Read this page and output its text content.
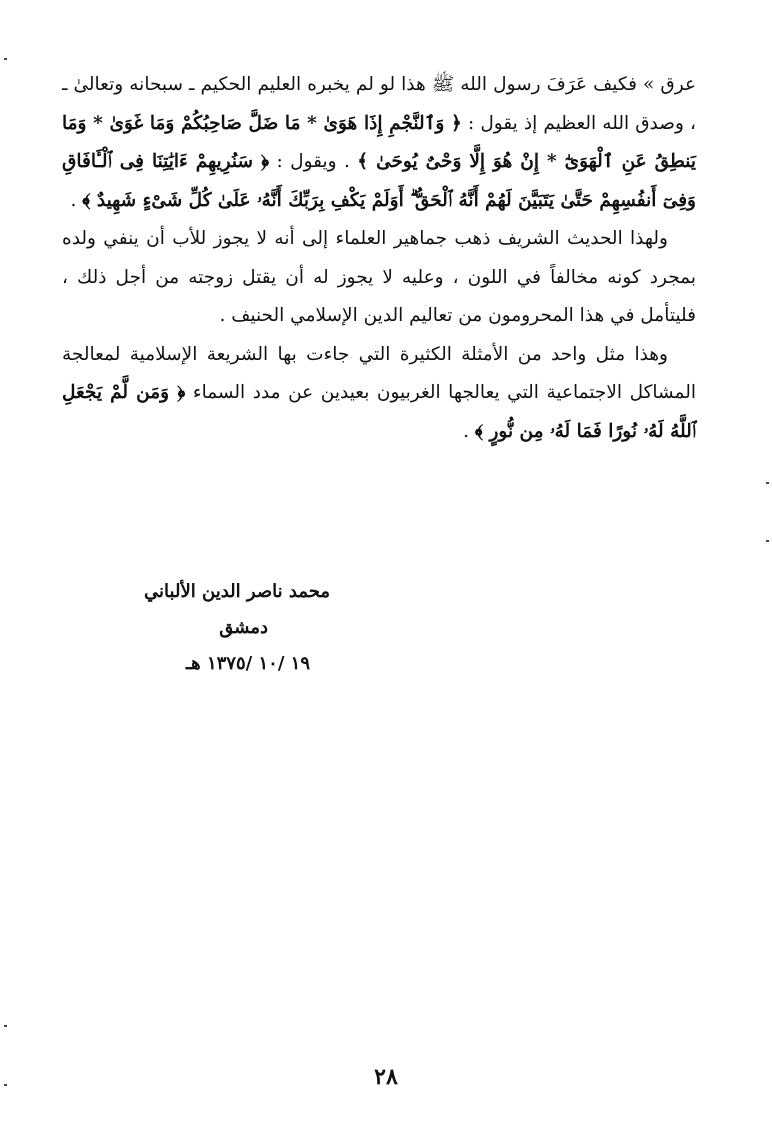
عرق » فكيف عَرَفَ رسول الله ﷺ هذا لو لم يخبره العليم الحكيم ـ سبحانه وتعالىٰ ـ ، وصدق الله العظيم إذ يقول : ﴿ وَٱلنَّجْمِ إِذَا هَوَىٰ * مَا ضَلَّ صَاحِبُكُمْ وَمَا غَوَىٰ * وَمَا يَنطِقُ عَنِ ٱلْهَوَىٰٓ * إِنْ هُوَ إِلَّا وَحْىٌ يُوحَىٰ ﴾ . ويقول : ﴿ سَنُرِيهِمْ ءَايَٰتِنَا فِى ٱلْـَٔافَاقِ وَفِىٓ أَنفُسِهِمْ حَتَّىٰ يَتَبَيَّنَ لَهُمْ أَنَّهُ ٱلْحَقُّ ۗ أَوَلَمْ يَكْفِ بِرَبِّكَ أَنَّهُۥ عَلَىٰ كُلِّ شَىْءٍ شَهِيدٌ ﴾ .

ولهذا الحديث الشريف ذهب جماهير العلماء إلى أنه لا يجوز للأب أن ينفي ولده بمجرد كونه مخالفاً في اللون ، وعليه لا يجوز له أن يقتل زوجته من أجل ذلك ، فليتأمل في هذا المحرومون من تعاليم الدين الإسلامي الحنيف .

وهذا مثل واحد من الأمثلة الكثيرة التي جاءت بها الشريعة الإسلامية لمعالجة المشاكل الاجتماعية التي يعالجها الغربيون بعيدين عن مدد السماء ﴿ وَمَن لَّمْ يَجْعَلِ ٱللَّهُ لَهُۥ نُورًا فَمَا لَهُۥ مِن نُّورٍ ﴾ .

محمد ناصر الدين الألباني
دمشق
١٩ /١٠ /١٣٧٥ هـ
٢٨
